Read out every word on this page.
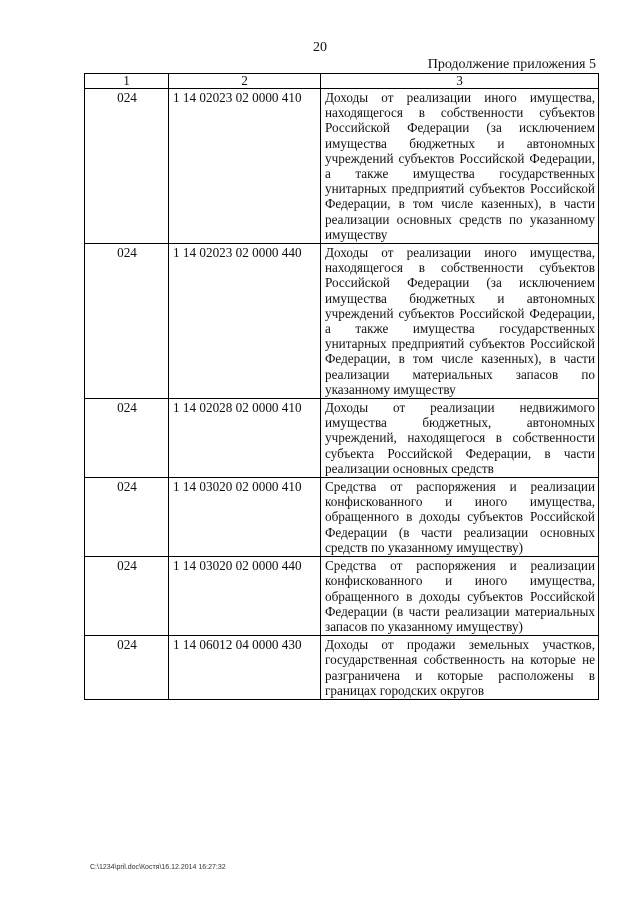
20
Продолжение приложения 5
1	2	3
024	1 14 02023 02 0000 410	Доходы от реализации иного имущества, находящегося в собственности субъектов Российской Федерации (за исключением имущества бюджетных и автономных учреждений субъектов Российской Федерации, а также имущества государственных унитарных предприятий субъектов Российской Федерации, в том числе казенных), в части реализации основных средств по указанному имуществу
024	1 14 02023 02 0000 440	Доходы от реализации иного имущества, находящегося в собственности субъектов Российской Федерации (за исключением имущества бюджетных и автономных учреждений субъектов Российской Федерации, а также имущества государственных унитарных предприятий субъектов Российской Федерации, в том числе казенных), в части реализации материальных запасов по указанному имуществу
024	1 14 02028 02 0000 410	Доходы от реализации недвижимого имущества бюджетных, автономных учреждений, находящегося в собственности субъекта Российской Федерации, в части реализации основных средств
024	1 14 03020 02 0000 410	Средства от распоряжения и реализации конфискованного и иного имущества, обращенного в доходы субъектов Российской Федерации (в части реализации основных средств по указанному имуществу)
024	1 14 03020 02 0000 440	Средства от распоряжения и реализации конфискованного и иного имущества, обращенного в доходы субъектов Российской Федерации (в части реализации материальных запасов по указанному имуществу)
024	1 14 06012 04 0000 430	Доходы от продажи земельных участков, государственная собственность на которые не разграничена и которые расположены в границах городских округов
C:\1234\pril.doc\Костя\16.12.2014 16:27:32
